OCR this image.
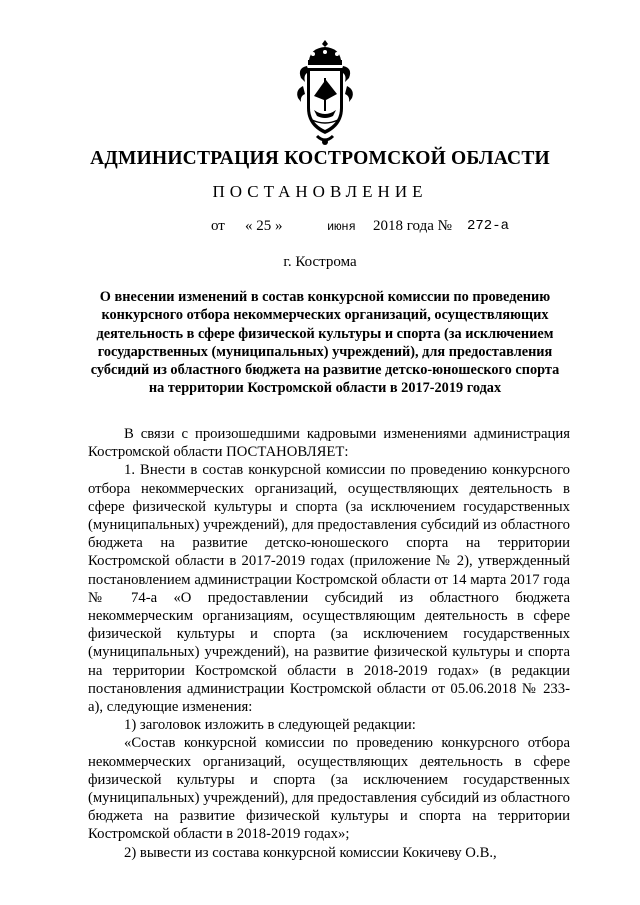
АДМИНИСТРАЦИЯ КОСТРОМСКОЙ ОБЛАСТИ
ПОСТАНОВЛЕНИЕ
от « 25 »	июня 2018 года № 272-а
г. Кострома
О внесении изменений в состав конкурсной комиссии по проведению конкурсного отбора некоммерческих организаций, осуществляющих деятельность в сфере физической культуры и спорта (за исключением государственных (муниципальных) учреждений), для предоставления субсидий из областного бюджета на развитие детско-юношеского спорта на территории Костромской области в 2017-2019 годах

В связи с произошедшими кадровыми изменениями администрация Костромской области ПОСТАНОВЛЯЕТ:

1. Внести в состав конкурсной комиссии по проведению конкурсного отбора некоммерческих организаций, осуществляющих деятельность в сфере физической культуры и спорта (за исключением государственных (муниципальных) учреждений), для предоставления субсидий из областного бюджета на развитие детско-юношеского спорта на территории Костромской области в 2017-2019 годах (приложение № 2), утвержденный постановлением администрации Костромской области от 14 марта 2017 года № 74-а «О предоставлении субсидий из областного бюджета некоммерческим организациям, осуществляющим деятельность в сфере физической культуры и спорта (за исключением государственных (муниципальных) учреждений), на развитие физической культуры и спорта на территории Костромской области в 2018-2019 годах» (в редакции постановления администрации Костромской области от 05.06.2018 № 233-а), следующие изменения:

1) заголовок изложить в следующей редакции:

«Состав конкурсной комиссии по проведению конкурсного отбора некоммерческих организаций, осуществляющих деятельность в сфере физической культуры и спорта (за исключением государственных (муниципальных) учреждений), для предоставления субсидий из областного бюджета на развитие физической культуры и спорта на территории Костромской области в 2018-2019 годах»;

2) вывести из состава конкурсной комиссии Кокичеву О.В.,
